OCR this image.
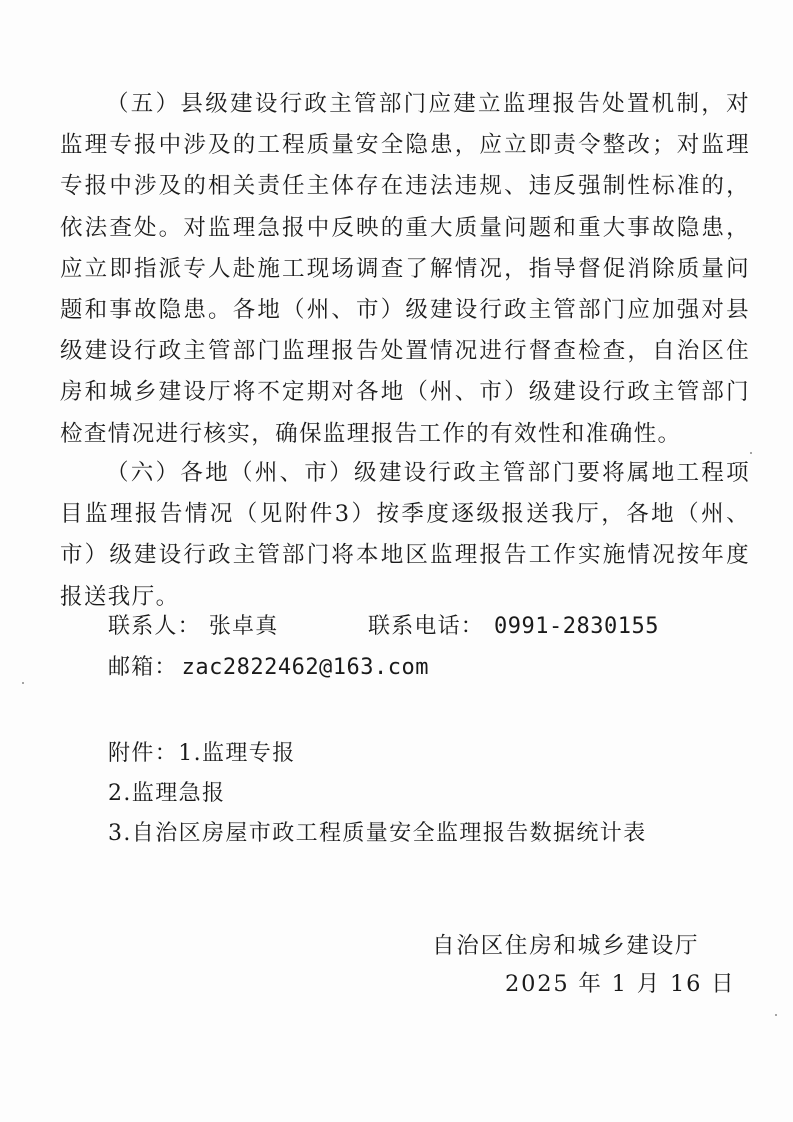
（五）县级建设行政主管部门应建立监理报告处置机制，对监理专报中涉及的工程质量安全隐患，应立即责令整改；对监理专报中涉及的相关责任主体存在违法违规、违反强制性标准的，依法查处。对监理急报中反映的重大质量问题和重大事故隐患，应立即指派专人赴施工现场调查了解情况，指导督促消除质量问题和事故隐患。各地（州、市）级建设行政主管部门应加强对县级建设行政主管部门监理报告处置情况进行督查检查，自治区住房和城乡建设厅将不定期对各地（州、市）级建设行政主管部门检查情况进行核实，确保监理报告工作的有效性和准确性。

（六）各地（州、市）级建设行政主管部门要将属地工程项目监理报告情况（见附件3）按季度逐级报送我厅，各地（州、市）级建设行政主管部门将本地区监理报告工作实施情况按年度报送我厅。

联系人： 张卓真	联系电话： 0991-2830155
邮箱： zac2822462@163.com
附件：1.监理专报
2.监理急报
3.自治区房屋市政工程质量安全监理报告数据统计表
自治区住房和城乡建设厅
2025 年 1 月 16 日
